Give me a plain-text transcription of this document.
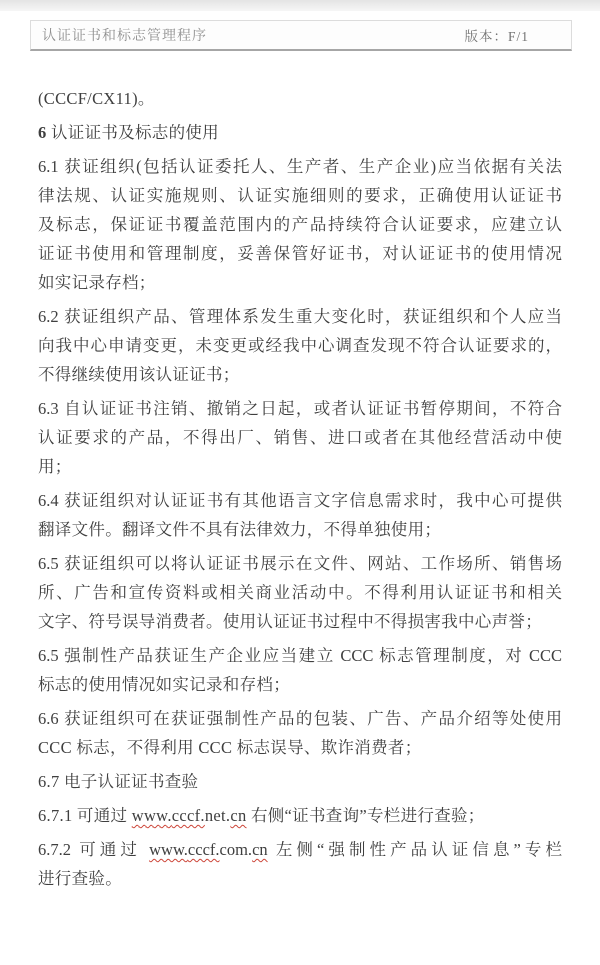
认证证书和标志管理程序	版本：F/1
(CCCF/CX11)。
6 认证证书及标志的使用
6.1 获证组织(包括认证委托人、生产者、生产企业)应当依据有关法
律法规、认证实施规则、认证实施细则的要求，正确使用认证证书
及标志，保证证书覆盖范围内的产品持续符合认证要求，应建立认
证证书使用和管理制度，妥善保管好证书，对认证证书的使用情况
如实记录存档；
6.2 获证组织产品、管理体系发生重大变化时，获证组织和个人应当
向我中心申请变更，未变更或经我中心调查发现不符合认证要求的，
不得继续使用该认证证书；
6.3 自认证证书注销、撤销之日起，或者认证证书暂停期间，不符合
认证要求的产品，不得出厂、销售、进口或者在其他经营活动中使
用；
6.4 获证组织对认证证书有其他语言文字信息需求时，我中心可提供
翻译文件。翻译文件不具有法律效力，不得单独使用；
6.5 获证组织可以将认证证书展示在文件、网站、工作场所、销售场
所、广告和宣传资料或相关商业活动中。不得利用认证证书和相关
文字、符号误导消费者。使用认证证书过程中不得损害我中心声誉；
6.5 强制性产品获证生产企业应当建立 CCC 标志管理制度，对 CCC
标志的使用情况如实记录和存档；
6.6 获证组织可在获证强制性产品的包装、广告、产品介绍等处使用
CCC 标志，不得利用 CCC 标志误导、欺诈消费者；
6.7 电子认证证书查验
6.7.1 可通过 www.cccf.net.cn 右侧“证书查询”专栏进行查验；
6.7.2 可通过 www.cccf.com.cn 左侧“强制性产品认证信息”专栏
进行查验。
